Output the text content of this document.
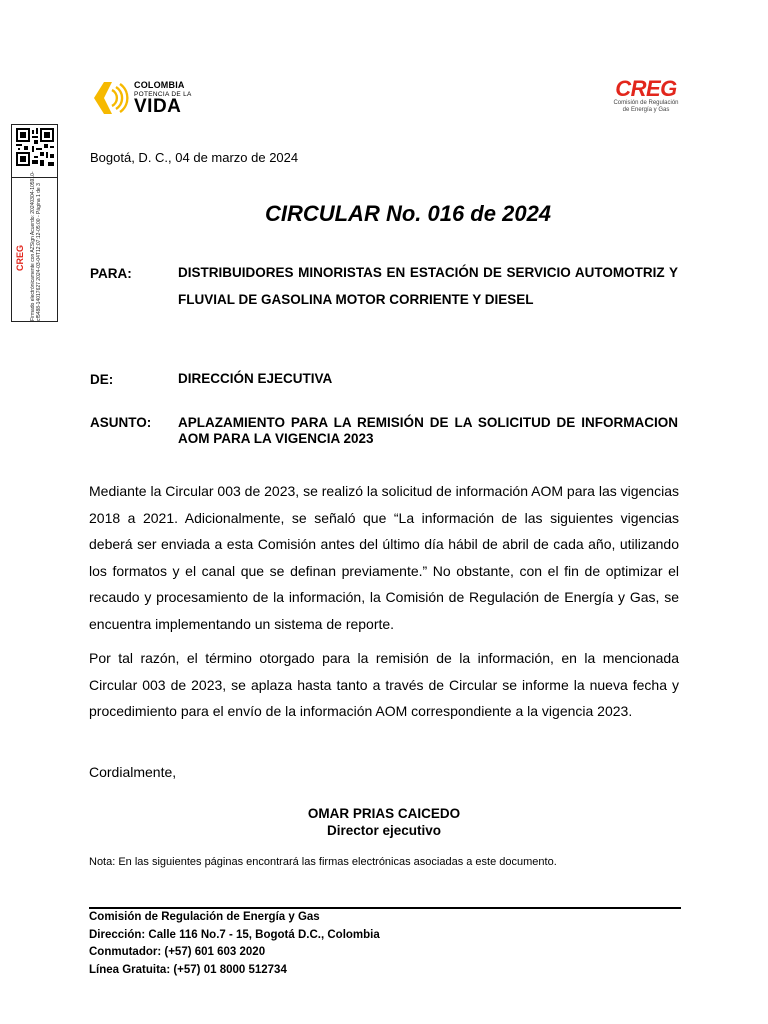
COLOMBIA
POTENCIA DE LA
VIDA
CREG
Comisión de Regulación
de Energía y Gas
Firmado electrónicamente con AZSign Acuerdo: 20240304-105910-cf5488-14017627 2024-03-04T12:07:12-05:00 - Página 1 de 3
CREG
Bogotá, D. C., 04 de marzo de 2024
CIRCULAR No. 016 de 2024
PARA:	DISTRIBUIDORES MINORISTAS EN ESTACIÓN DE SERVICIO AUTOMOTRIZ Y FLUVIAL DE GASOLINA MOTOR CORRIENTE Y DIESEL
DE:	DIRECCIÓN EJECUTIVA
ASUNTO: APLAZAMIENTO PARA LA REMISIÓN DE LA SOLICITUD DE INFORMACION AOM PARA LA VIGENCIA 2023
Mediante la Circular 003 de 2023, se realizó la solicitud de información AOM para las vigencias 2018 a 2021. Adicionalmente, se señaló que “La información de las siguientes vigencias deberá ser enviada a esta Comisión antes del último día hábil de abril de cada año, utilizando los formatos y el canal que se definan previamente.” No obstante, con el fin de optimizar el recaudo y procesamiento de la información, la Comisión de Regulación de Energía y Gas, se encuentra implementando un sistema de reporte.
Por tal razón, el término otorgado para la remisión de la información, en la mencionada Circular 003 de 2023, se aplaza hasta tanto a través de Circular se informe la nueva fecha y procedimiento para el envío de la información AOM correspondiente a la vigencia 2023.
Cordialmente,
OMAR PRIAS CAICEDO
Director ejecutivo
Nota: En las siguientes páginas encontrará las firmas electrónicas asociadas a este documento.
Comisión de Regulación de Energía y Gas
Dirección: Calle 116 No.7 - 15, Bogotá D.C., Colombia
Conmutador: (+57) 601 603 2020
Línea Gratuita: (+57) 01 8000 512734
